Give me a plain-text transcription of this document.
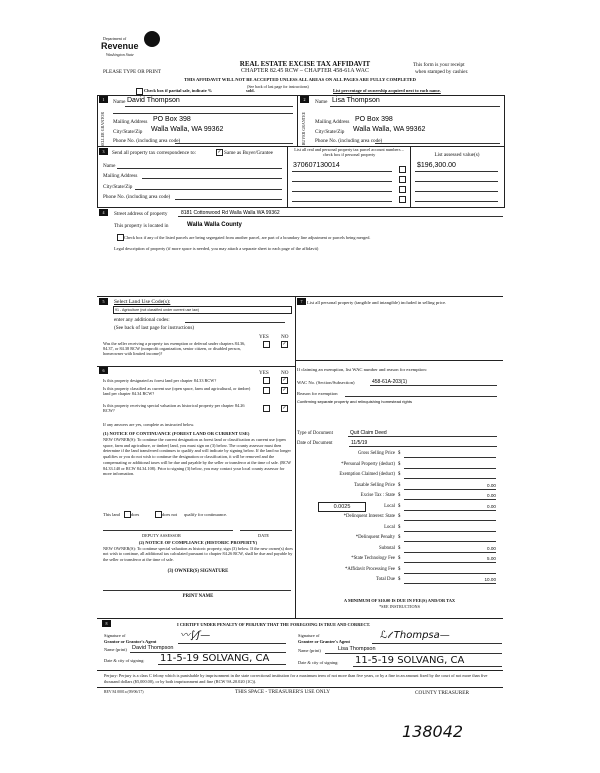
Department of
Revenue
Washington State
REAL ESTATE EXCISE TAX AFFIDAVIT
PLEASE TYPE OR PRINT	CHAPTER 82.45 RCW – CHAPTER 458-61A WAC
This form is your receipt
when stamped by cashier.
THIS AFFIDAVIT WILL NOT BE ACCEPTED UNLESS ALL AREAS ON ALL PAGES ARE FULLY COMPLETED
(See back of last page for instructions)
Check box if partial sale, indicate %	sold.	List percentage of ownership acquired next to each name.
1
SELLER GRANTOR
Name David Thompson
Mailing Address PO Box 398
City/State/Zip Walla Walla, WA 99362
Phone No. (including area code)
2
BUYER GRANTEE
Name Lisa Thompson
Mailing Address PO Box 398
City/State/Zip Walla Walla, WA 99362
Phone No. (including area code)
3	Send all property tax correspondence to:	✓ Same as Buyer/Grantee
Name
Mailing Address
City/State/Zip
Phone No. (including area code)
List all real and personal property tax parcel account numbers – check box if personal property
370607130014
List assessed value(s)
$196,300.00
4	Street address of property	8181 Cottonwood Rd Walla Walla WA 99362
This property is located in	Walla Walla County
Check box if any of the listed parcels are being segregated from another parcel, are part of a boundary line adjustment or parcels being merged.
Legal description of property (if more space is needed, you may attach a separate sheet to each page of the affidavit)
5	Select Land Use Code(s):
91 - Agriculture (not classified under current use law)
enter any additional codes:
(See back of last page for instructions)
YES NO
Was the seller receiving a property tax exemption or deferral under chapters 84.36, 84.37, or 84.38 RCW (nonprofit organization, senior citizen, or disabled person, homeowner with limited income)?
✓
6	YES NO
Is this property designated as forest land per chapter 84.33 RCW?	✓
Is this property classified as current use (open space, farm and agricultural, or timber) land per chapter 84.34 RCW?
✓
Is this property receiving special valuation as historical property per chapter 84.26 RCW?	✓
If any answers are yes, complete as instructed below.
(1) NOTICE OF CONTINUANCE (FOREST LAND OR CURRENT USE)
NEW OWNER(S): To continue the current designation as forest land or classification as current use (open space, farm and agriculture, or timber) land, you must sign on (3) below. The county assessor must then determine if the land transferred continues to qualify and will indicate by signing below. If the land no longer qualifies or you do not wish to continue the designation or classification, it will be removed and the compensating or additional taxes will be due and payable by the seller or transferor at the time of sale. (RCW 84.33.140 or RCW 84.34.108). Prior to signing (3) below, you may contact your local county assessor for more information.
This land does	does not qualify for continuance.
DEPUTY ASSESSOR	DATE
(2) NOTICE OF COMPLIANCE (HISTORIC PROPERTY)
NEW OWNER(S): To continue special valuation as historic property, sign (3) below. If the new owner(s) does not wish to continue, all additional tax calculated pursuant to chapter 84.26 RCW, shall be due and payable by the seller or transferor at the time of sale.
(3) OWNER(S) SIGNATURE
PRINT NAME
7 List all personal property (tangible and intangible) included in selling price.
If claiming an exemption, list WAC number and reason for exemption:
WAC No. (Section/Subsection)	458-61A-203(1)
Reason for exemption
Confirming separate property and relinquishing homestead rights
Type of Document	Quit Claim Deed
Date of Document	11/5/19
Gross Selling Price $
*Personal Property (deduct) $
Exemption Claimed (deduct) $
Taxable Selling Price $	0.00
Excise Tax : State $	0.00
Local $	0.00
*Delinquent Interest: State $
Local $
*Delinquent Penalty $
Subtotal $	0.00
*State Technology Fee $	5.00
*Affidavit Processing Fee $
Total Due $	10.00
0.0025
A MINIMUM OF $10.00 IS DUE IN FEE(S) AND/OR TAX
*SEE INSTRUCTIONS
8	I CERTIFY UNDER PENALTY OF PERJURY THAT THE FOREGOING IS TRUE AND CORRECT.
Signature of
Grantor or Grantor's Agent
〰∫⁄ʃ—
Name (print) David Thompson
Date & city of signing: 11-5-19 SOLVANG, CA
Signature of
Grantee or Grantee's Agent
ℒ𝓉 Thompsa—
Name (print)	Lisa Thompson
Date & city of signing: 11-5-19 SOLVANG, CA
Perjury: Perjury is a class C felony which is punishable by imprisonment in the state correctional institution for a maximum term of not more than five years, or by a fine in an amount fixed by the court of not more than five thousand dollars ($5,000.00), or by both imprisonment and fine (RCW 9A.20.020 (1C)).
REV 84 0001a (09/06/17)	THIS SPACE - TREASURER'S USE ONLY	COUNTY TREASURER
138042
